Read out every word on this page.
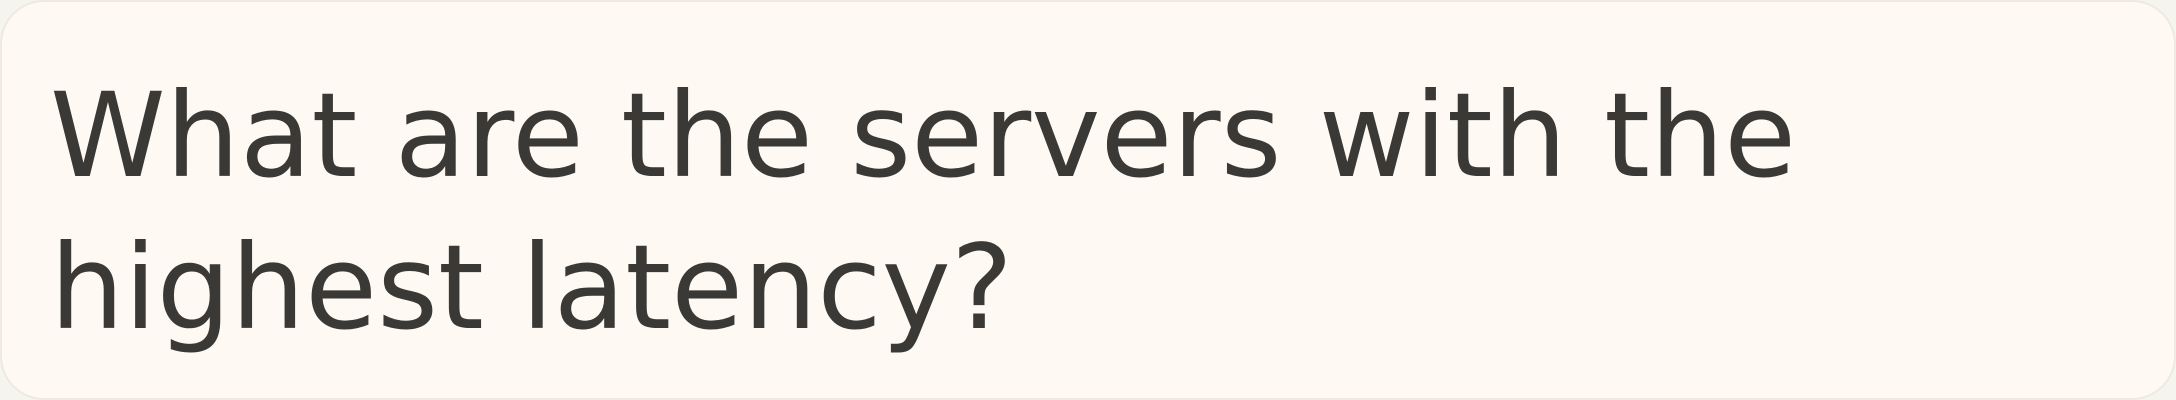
What are the servers with the highest latency?
